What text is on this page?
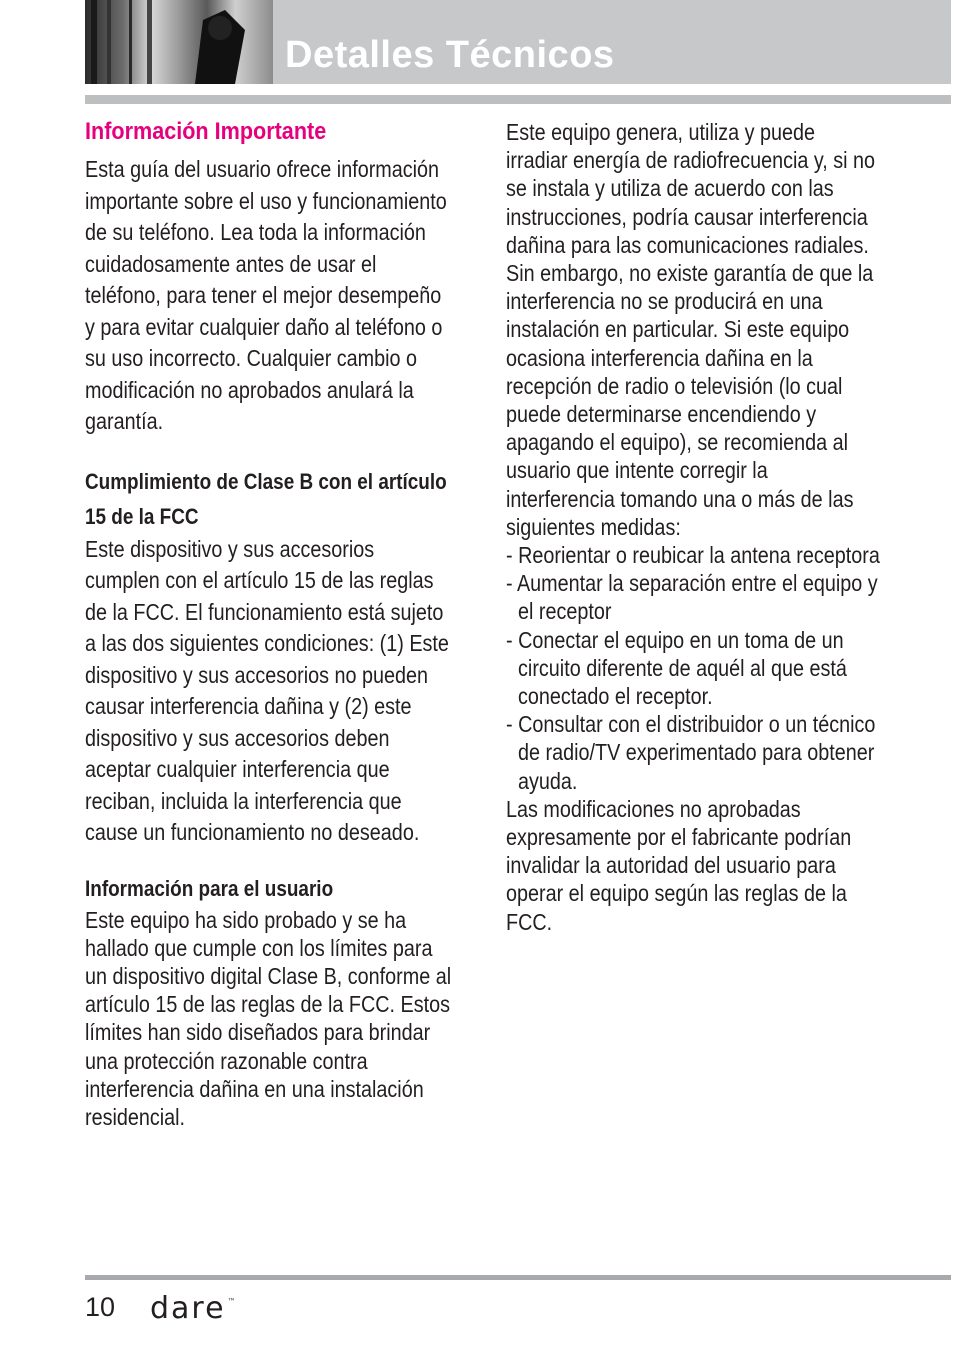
Detalles Técnicos
Información Importante

Esta guía del usuario ofrece información importante sobre el uso y funcionamiento de su teléfono. Lea toda la información cuidadosamente antes de usar el teléfono, para tener el mejor desempeño y para evitar cualquier daño al teléfono o su uso incorrecto. Cualquier cambio o modificación no aprobados anulará la garantía.

Cumplimiento de Clase B con el artículo 15 de la FCC

Este dispositivo y sus accesorios cumplen con el artículo 15 de las reglas de la FCC. El funcionamiento está sujeto a las dos siguientes condiciones: (1) Este dispositivo y sus accesorios no pueden causar interferencia dañina y (2) este dispositivo y sus accesorios deben aceptar cualquier interferencia que reciban, incluida la interferencia que cause un funcionamiento no deseado.

Información para el usuario

Este equipo ha sido probado y se ha hallado que cumple con los límites para un dispositivo digital Clase B, conforme al artículo 15 de las reglas de la FCC. Estos límites han sido diseñados para brindar una protección razonable contra interferencia dañina en una instalación residencial.

Este equipo genera, utiliza y puede irradiar energía de radiofrecuencia y, si no se instala y utiliza de acuerdo con las instrucciones, podría causar interferencia dañina para las comunicaciones radiales. Sin embargo, no existe garantía de que la interferencia no se producirá en una instalación en particular. Si este equipo ocasiona interferencia dañina en la recepción de radio o televisión (lo cual puede determinarse encendiendo y apagando el equipo), se recomienda al usuario que intente corregir la interferencia tomando una o más de las siguientes medidas:

- Reorientar o reubicar la antena receptora
- Aumentar la separación entre el equipo y el receptor
- Conectar el equipo en un toma de un circuito diferente de aquél al que está conectado el receptor.
- Consultar con el distribuidor o un técnico de radio/TV experimentado para obtener ayuda.

Las modificaciones no aprobadas expresamente por el fabricante podrían invalidar la autoridad del usuario para operar el equipo según las reglas de la FCC.

10 dare ™
